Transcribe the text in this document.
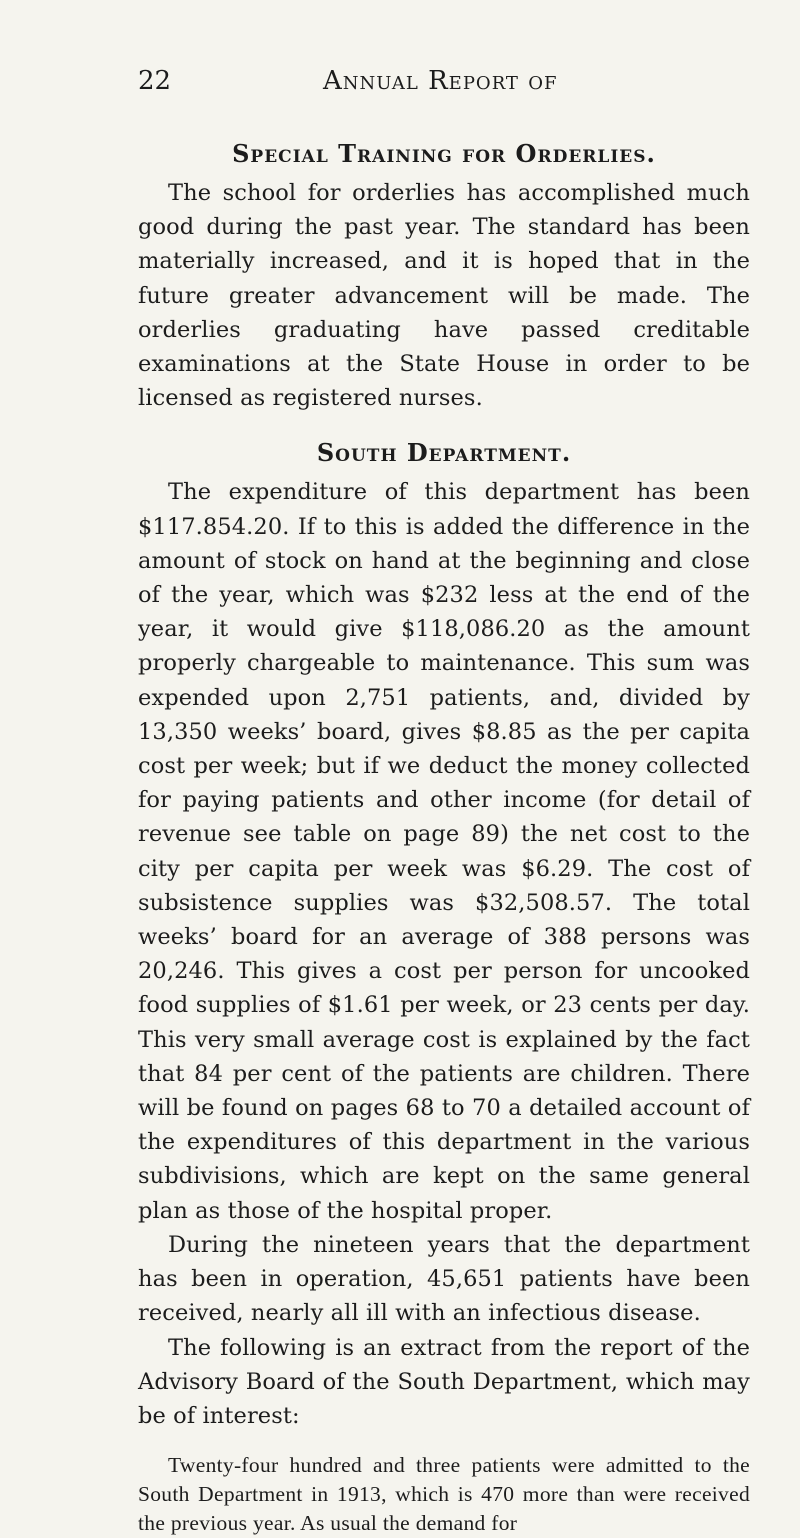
22	Annual Report of
Special Training for Orderlies.

The school for orderlies has accomplished much good during the past year. The standard has been materially increased, and it is hoped that in the future greater advancement will be made. The orderlies graduating have passed creditable examinations at the State House in order to be licensed as registered nurses.

South Department.

The expenditure of this department has been $117.854.20. If to this is added the difference in the amount of stock on hand at the beginning and close of the year, which was $232 less at the end of the year, it would give $118,086.20 as the amount properly chargeable to maintenance. This sum was expended upon 2,751 patients, and, divided by 13,350 weeks’ board, gives $8.85 as the per capita cost per week; but if we deduct the money collected for paying patients and other income (for detail of revenue see table on page 89) the net cost to the city per capita per week was $6.29. The cost of subsistence supplies was $32,508.57. The total weeks’ board for an average of 388 persons was 20,246. This gives a cost per person for uncooked food supplies of $1.61 per week, or 23 cents per day. This very small average cost is explained by the fact that 84 per cent of the patients are children. There will be found on pages 68 to 70 a detailed account of the expenditures of this department in the various subdivisions, which are kept on the same general plan as those of the hospital proper.

During the nineteen years that the department has been in operation, 45,651 patients have been received, nearly all ill with an infectious disease.

The following is an extract from the report of the Advisory Board of the South Department, which may be of interest:

Twenty-four hundred and three patients were admitted to the South Department in 1913, which is 470 more than were received the previous year. As usual the demand for
